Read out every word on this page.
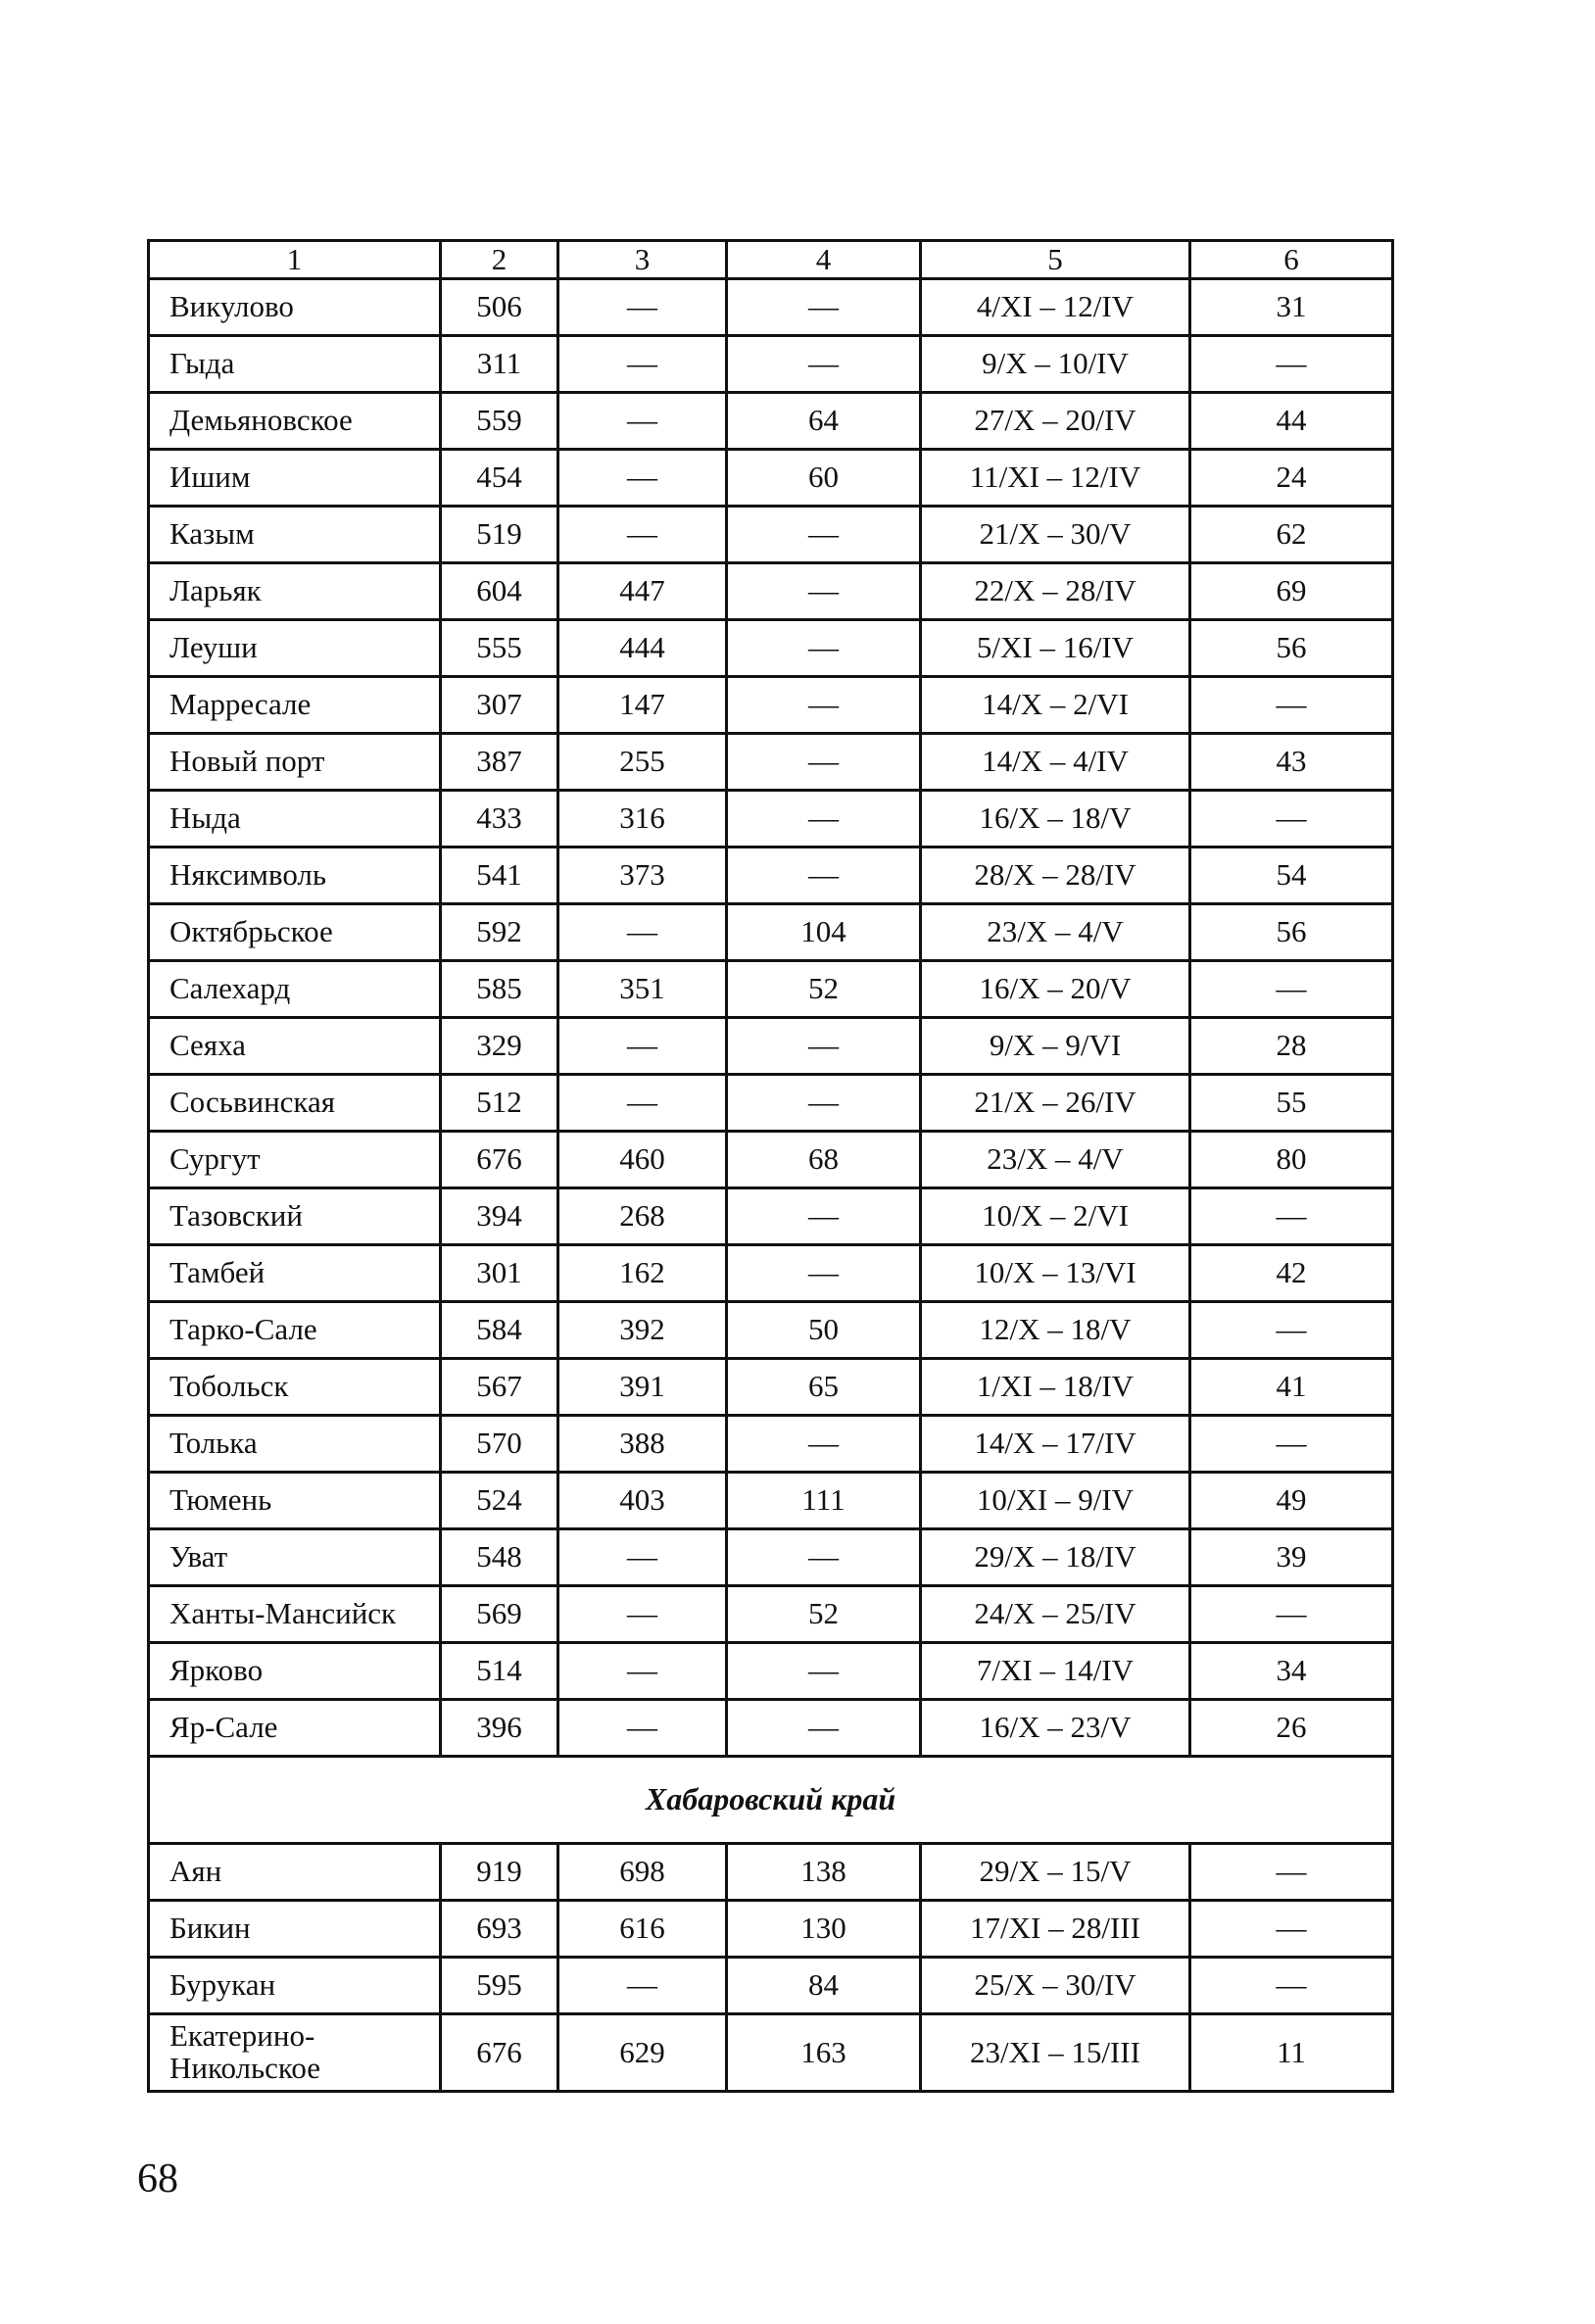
1	2	3	4	5	6
Викулово	506	—	—	4/XI – 12/IV	31
Гыда	311	—	—	9/X – 10/IV	—
Демьяновское	559	—	64	27/X – 20/IV	44
Ишим	454	—	60	11/XI – 12/IV	24
Казым	519	—	—	21/X – 30/V	62
Ларьяк	604	447	—	22/X – 28/IV	69
Леуши	555	444	—	5/XI – 16/IV	56
Марресале	307	147	—	14/X – 2/VI	—
Новый порт	387	255	—	14/X – 4/IV	43
Ныда	433	316	—	16/X – 18/V	—
Няксимволь	541	373	—	28/X – 28/IV	54
Октябрьское	592	—	104	23/X – 4/V	56
Салехард	585	351	52	16/X – 20/V	—
Сеяха	329	—	—	9/X – 9/VI	28
Сосьвинская	512	—	—	21/X – 26/IV	55
Сургут	676	460	68	23/X – 4/V	80
Тазовский	394	268	—	10/X – 2/VI	—
Тамбей	301	162	—	10/X – 13/VI	42
Тарко-Сале	584	392	50	12/X – 18/V	—
Тобольск	567	391	65	1/XI – 18/IV	41
Толька	570	388	—	14/X – 17/IV	—
Тюмень	524	403	111	10/XI – 9/IV	49
Уват	548	—	—	29/X – 18/IV	39
Ханты-Мансийск	569	—	52	24/X – 25/IV	—
Ярково	514	—	—	7/XI – 14/IV	34
Яр-Сале	396	—	—	16/X – 23/V	26
Хабаровский край					
Аян	919	698	138	29/X – 15/V	—
Бикин	693	616	130	17/XI – 28/III	—
Бурукан	595	—	84	25/X – 30/IV	—
Екатерино-Никольское	676	629	163	23/XI – 15/III	11
68
